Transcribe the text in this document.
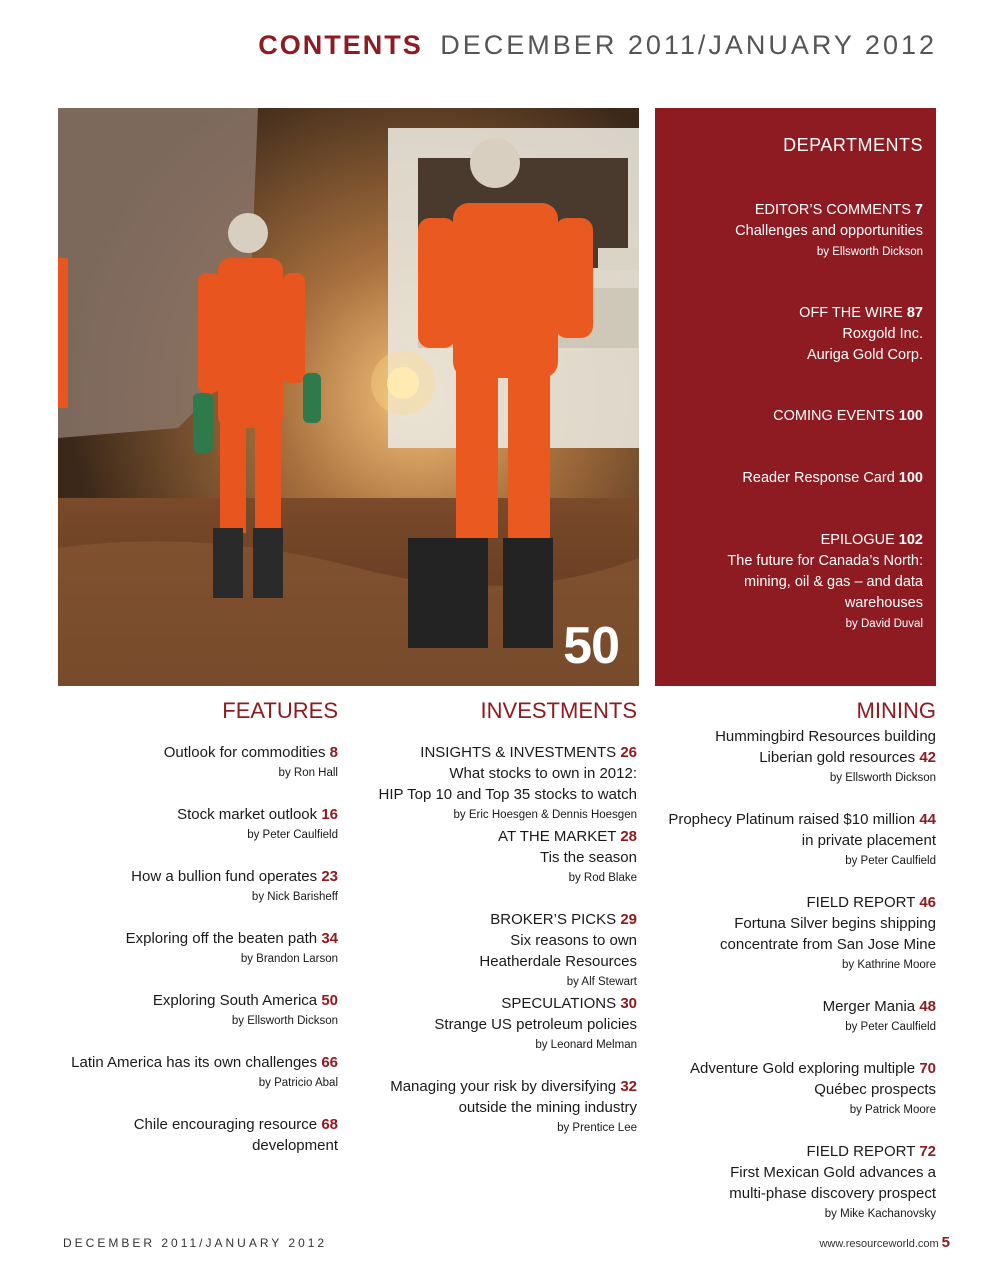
CONTENTS DECEMBER 2011/JANUARY 2012
50
DEPARTMENTS
EDITOR’S COMMENTS 7
Challenges and opportunities
by Ellsworth Dickson
OFF THE WIRE 87
Roxgold Inc.
Auriga Gold Corp.
COMING EVENTS 100
Reader Response Card 100
EPILOGUE 102
The future for Canada’s North:
mining, oil & gas – and data
warehouses
by David Duval
FEATURES
Outlook for commodities 8
by Ron Hall
Stock market outlook 16
by Peter Caulfield
How a bullion fund operates 23
by Nick Barisheff
Exploring off the beaten path 34
by Brandon Larson
Exploring South America 50
by Ellsworth Dickson
Latin America has its own challenges 66
by Patricio Abal
Chile encouraging resource 68
development
INVESTMENTS
INSIGHTS & INVESTMENTS 26
What stocks to own in 2012:
HIP Top 10 and Top 35 stocks to watch
by Eric Hoesgen & Dennis Hoesgen
AT THE MARKET 28
Tis the season
by Rod Blake
BROKER’S PICKS 29
Six reasons to own
Heatherdale Resources
by Alf Stewart
SPECULATIONS 30
Strange US petroleum policies
by Leonard Melman
Managing your risk by diversifying 32
outside the mining industry
by Prentice Lee
MINING
Hummingbird Resources building
Liberian gold resources 42
by Ellsworth Dickson
Prophecy Platinum raised $10 million 44
in private placement
by Peter Caulfield
FIELD REPORT 46
Fortuna Silver begins shipping
concentrate from San Jose Mine
by Kathrine Moore
Merger Mania 48
by Peter Caulfield
Adventure Gold exploring multiple 70
Québec prospects
by Patrick Moore
FIELD REPORT 72
First Mexican Gold advances a
multi-phase discovery prospect
by Mike Kachanovsky
DECEMBER 2011/JANUARY 2012	www.resourceworld.com 5
